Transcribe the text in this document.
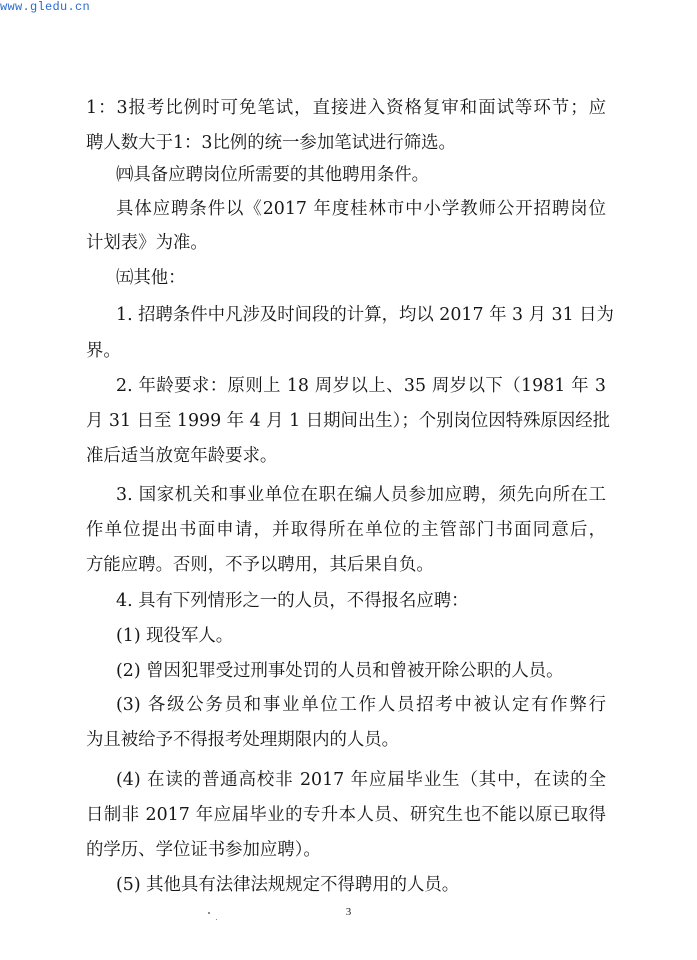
www.gledu.cn
1：3报考比例时可免笔试，直接进入资格复审和面试等环节；应
聘人数大于1：3比例的统一参加笔试进行筛选。
㈣具备应聘岗位所需要的其他聘用条件。
具体应聘条件以《2017 年度桂林市中小学教师公开招聘岗位
计划表》为准。
㈤其他：
1. 招聘条件中凡涉及时间段的计算，均以 2017 年 3 月 31 日为
界。
2. 年龄要求：原则上 18 周岁以上、35 周岁以下（1981 年 3
月 31 日至 1999 年 4 月 1 日期间出生）；个别岗位因特殊原因经批
准后适当放宽年龄要求。
3. 国家机关和事业单位在职在编人员参加应聘，须先向所在工
作单位提出书面申请，并取得所在单位的主管部门书面同意后，
方能应聘。否则，不予以聘用，其后果自负。
4. 具有下列情形之一的人员，不得报名应聘：
(1) 现役军人。
(2) 曾因犯罪受过刑事处罚的人员和曾被开除公职的人员。
(3) 各级公务员和事业单位工作人员招考中被认定有作弊行
为且被给予不得报考处理期限内的人员。
(4) 在读的普通高校非 2017 年应届毕业生（其中，在读的全
日制非 2017 年应届毕业的专升本人员、研究生也不能以原已取得
的学历、学位证书参加应聘）。
(5) 其他具有法律法规规定不得聘用的人员。
3
